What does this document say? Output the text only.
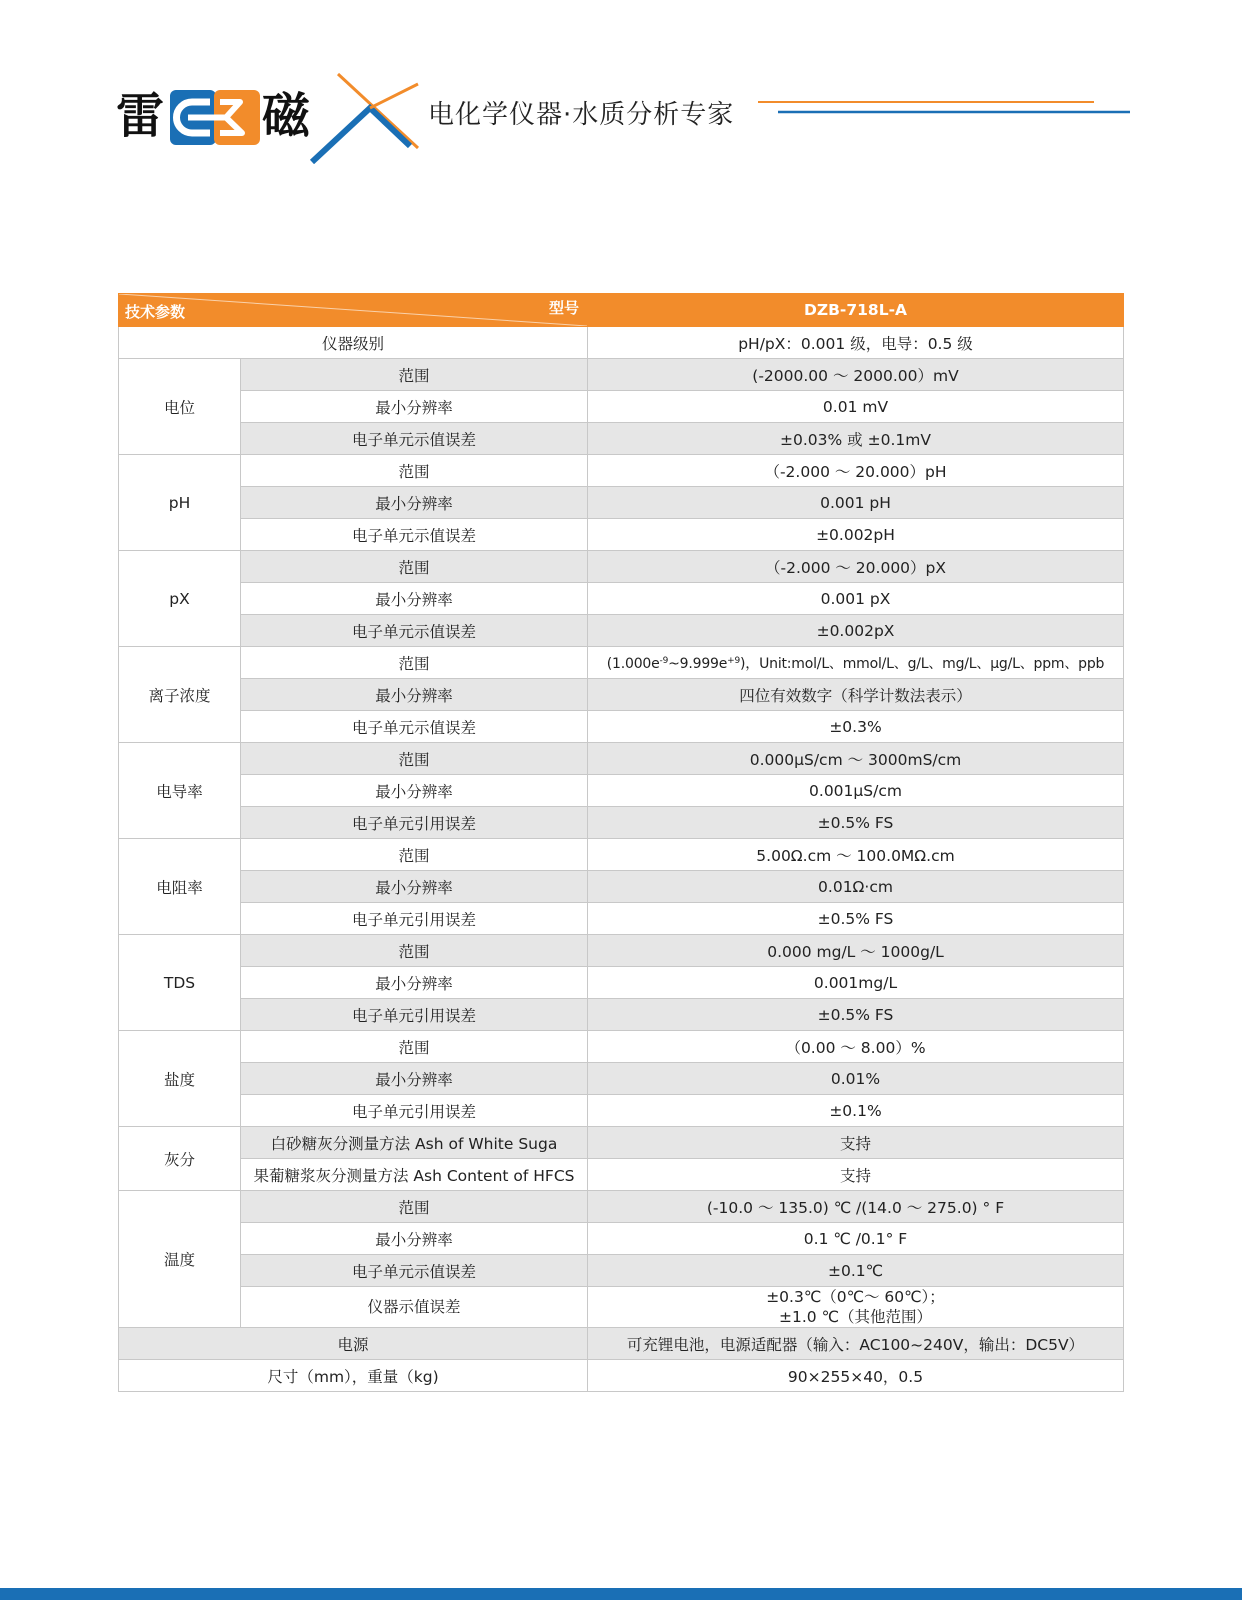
雷 磁	电化学仪器·水质分析专家
技术参数 型号		DZB-718L-A
仪器级别		pH/pX：0.001 级，电导：0.5 级
电位	范围	(-2000.00 ～ 2000.00）mV
	最小分辨率	0.01 mV
	电子单元示值误差	±0.03% 或 ±0.1mV
pH	范围	（-2.000 ～ 20.000）pH
	最小分辨率	0.001 pH
	电子单元示值误差	±0.002pH
pX	范围	（-2.000 ～ 20.000）pX
	最小分辨率	0.001 pX
	电子单元示值误差	±0.002pX
离子浓度	范围	$(1.000e^{-9}\sim 9.999e^{+9})$，Unit:mol/L、mmol/L、g/L、mg/L、μg/L、ppm、ppb
	最小分辨率	四位有效数字（科学计数法表示）
	电子单元示值误差	±0.3%
电导率	范围	0.000μS/cm ～ 3000mS/cm
	最小分辨率	0.001μS/cm
	电子单元引用误差	±0.5% FS
电阻率	范围	5.00Ω.cm ～ 100.0MΩ.cm
	最小分辨率	0.01Ω·cm
	电子单元引用误差	±0.5% FS
TDS	范围	0.000 mg/L ～ 1000g/L
	最小分辨率	0.001mg/L
	电子单元引用误差	±0.5% FS
盐度	范围	（0.00 ～ 8.00）%
	最小分辨率	0.01%
	电子单元引用误差	±0.1%
灰分	白砂糖灰分测量方法 Ash of White Suga	支持
	果葡糖浆灰分测量方法 Ash Content of HFCS	支持
温度	范围	(-10.0 ～ 135.0) ℃ /(14.0 ～ 275.0) ° F
	最小分辨率	0.1 ℃ /0.1° F
	电子单元示值误差	±0.1℃
	仪器示值误差	±0.3℃（0℃～ 60℃）；
±1.0 ℃（其他范围）

电源		可充锂电池，电源适配器（输入：AC100~240V，输出：DC5V）
尺寸（mm），重量（kg)		90×255×40，0.5
